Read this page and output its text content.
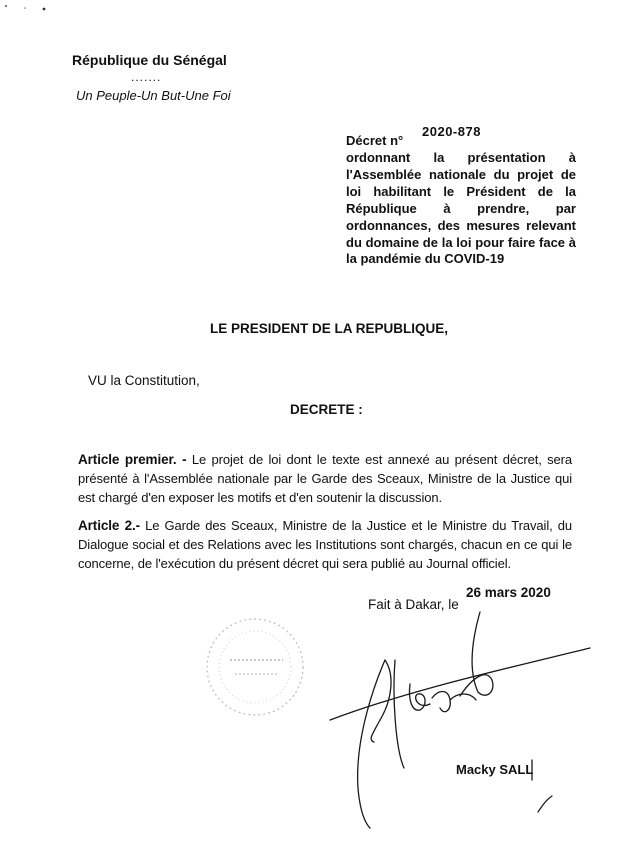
République du Sénégal
.......
Un Peuple-Un But-Une Foi
Décret n°
2020-878
ordonnant la présentation à l'Assemblée nationale du projet de loi habilitant le Président de la République à prendre, par ordonnances, des mesures relevant du domaine de la loi pour faire face à la pandémie du COVID-19
LE PRESIDENT DE LA REPUBLIQUE,
VU la Constitution,
DECRETE :
Article premier. - Le projet de loi dont le texte est annexé au présent décret, sera présenté à l'Assemblée nationale par le Garde des Sceaux, Ministre de la Justice qui est chargé d'en exposer les motifs et d'en soutenir la discussion.
Article 2.- Le Garde des Sceaux, Ministre de la Justice et le Ministre du Travail, du Dialogue social et des Relations avec les Institutions sont chargés, chacun en ce qui le concerne, de l'exécution du présent décret qui sera publié au Journal officiel.
Fait à Dakar, le
26 mars 2020
Macky SALL
